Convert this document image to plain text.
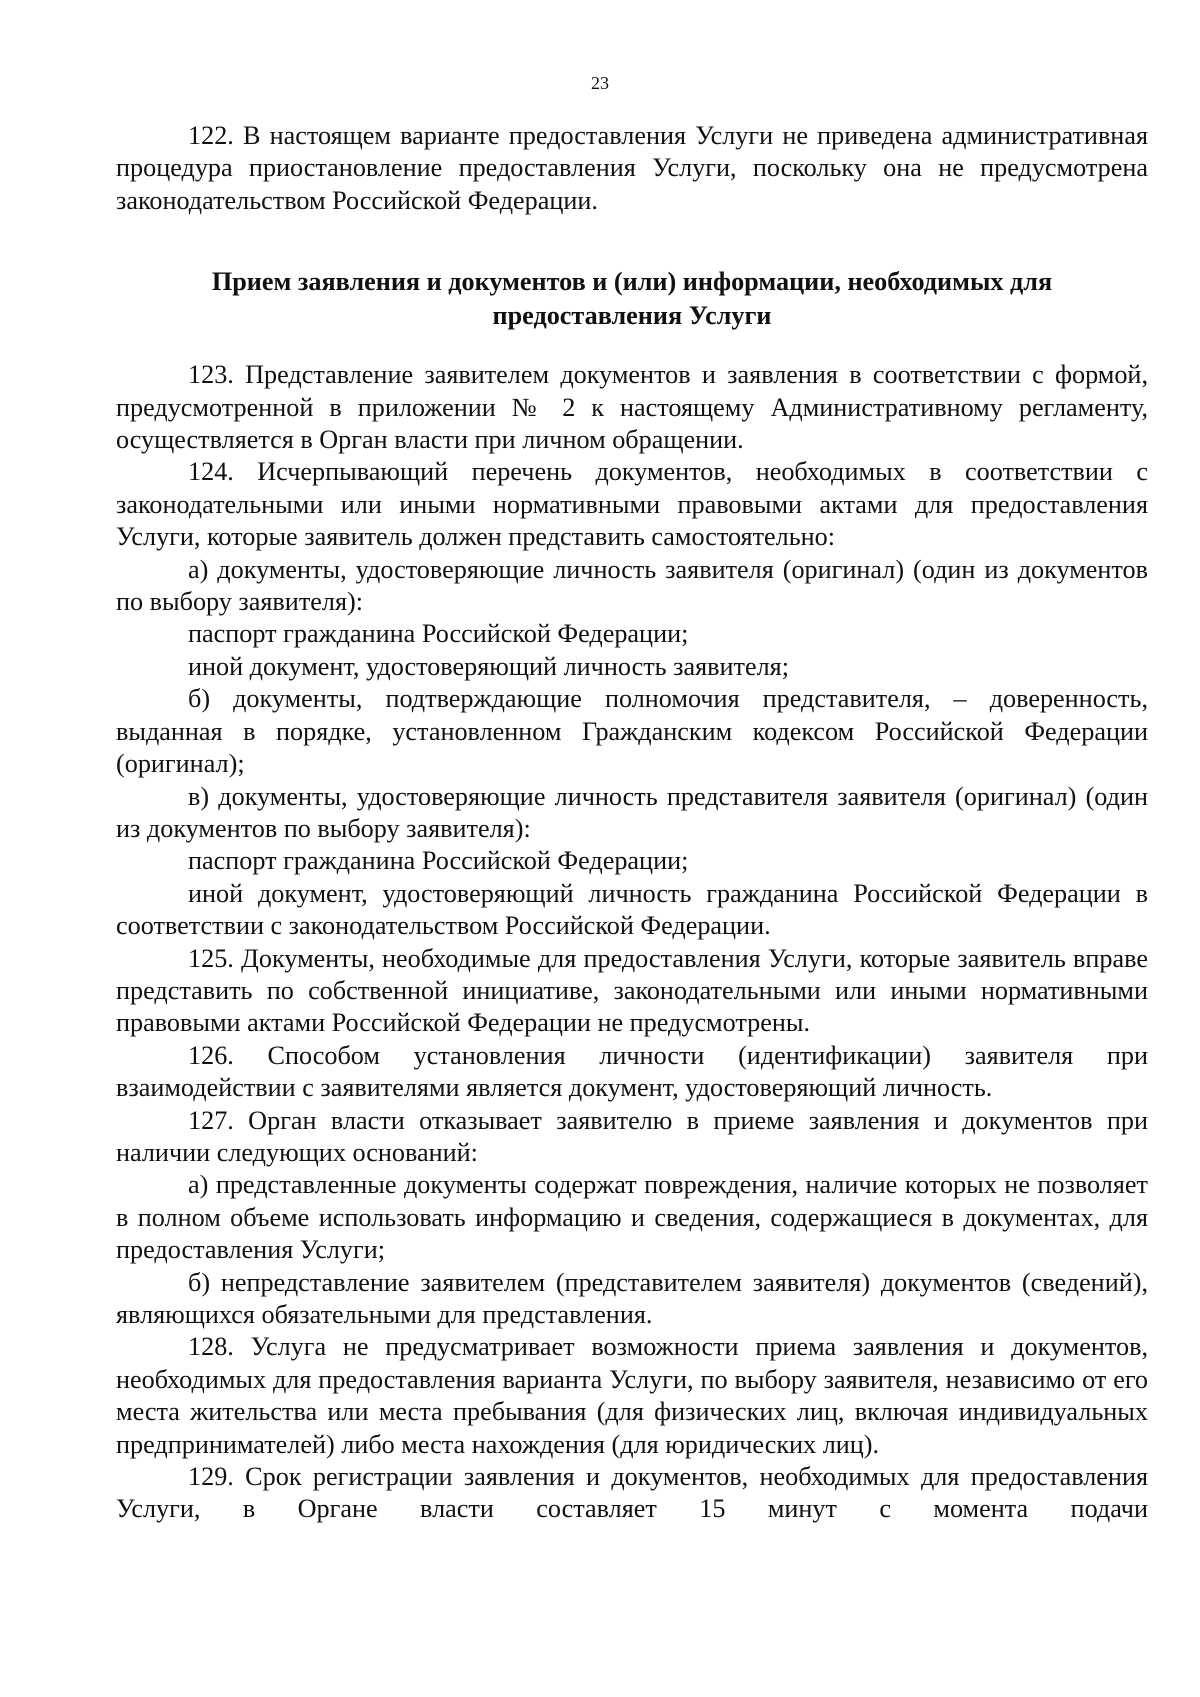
23

122. В настоящем варианте предоставления Услуги не приведена административная процедура приостановление предоставления Услуги, поскольку она не предусмотрена законодательством Российской Федерации.

Прием заявления и документов и (или) информации, необходимых для
предоставления Услуги

123. Представление заявителем документов и заявления в соответствии с формой, предусмотренной в приложении № 2 к настоящему Административному регламенту, осуществляется в Орган власти при личном обращении.

124. Исчерпывающий перечень документов, необходимых в соответствии с законодательными или иными нормативными правовыми актами для предоставления Услуги, которые заявитель должен представить самостоятельно:

а) документы, удостоверяющие личность заявителя (оригинал) (один из документов по выбору заявителя):

паспорт гражданина Российской Федерации;

иной документ, удостоверяющий личность заявителя;

б) документы, подтверждающие полномочия представителя, – доверенность, выданная в порядке, установленном Гражданским кодексом Российской Федерации (оригинал);

в) документы, удостоверяющие личность представителя заявителя (оригинал) (один из документов по выбору заявителя):

паспорт гражданина Российской Федерации;

иной документ, удостоверяющий личность гражданина Российской Федерации в соответствии с законодательством Российской Федерации.

125. Документы, необходимые для предоставления Услуги, которые заявитель вправе представить по собственной инициативе, законодательными или иными нормативными правовыми актами Российской Федерации не предусмотрены.

126. Способом установления личности (идентификации) заявителя при взаимодействии с заявителями является документ, удостоверяющий личность.

127. Орган власти отказывает заявителю в приеме заявления и документов при наличии следующих оснований:

а) представленные документы содержат повреждения, наличие которых не позволяет в полном объеме использовать информацию и сведения, содержащиеся в документах, для предоставления Услуги;

б) непредставление заявителем (представителем заявителя) документов (сведений), являющихся обязательными для представления.

128. Услуга не предусматривает возможности приема заявления и документов, необходимых для предоставления варианта Услуги, по выбору заявителя, независимо от его места жительства или места пребывания (для физических лиц, включая индивидуальных предпринимателей) либо места нахождения (для юридических лиц).

129. Срок регистрации заявления и документов, необходимых для предоставления Услуги, в Органе власти составляет 15 минут с момента подачи
